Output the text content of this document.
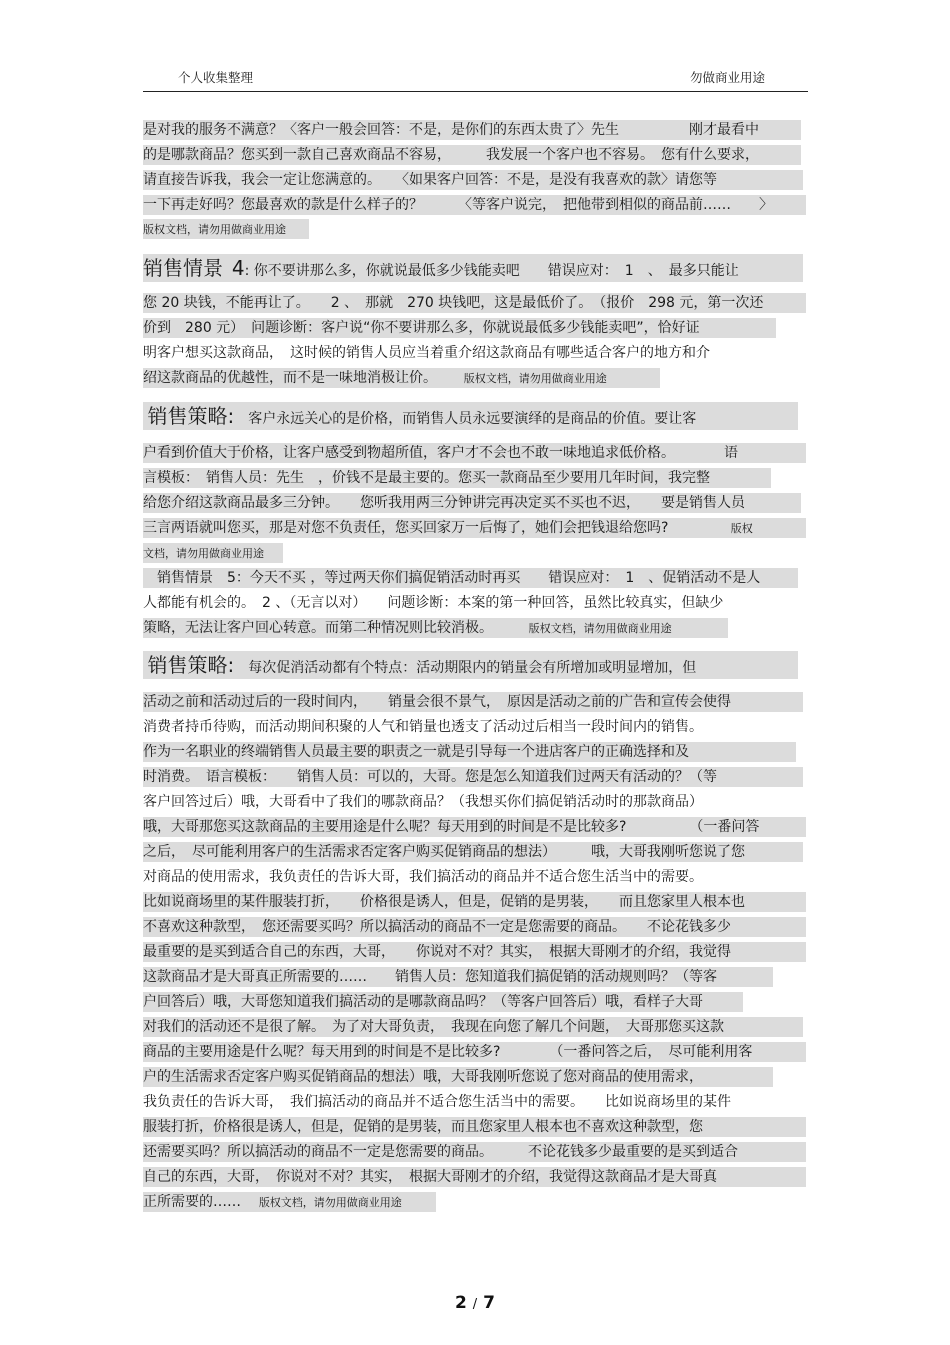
个人收集整理	勿做商业用途
是对我的服务不满意？〈客户一般会回答：不是，是你们的东西太贵了〉先生　　　　　刚才最看中
的是哪款商品？您买到一款自己喜欢商品不容易，　　　我发展一个客户也不容易。　您有什么要求，
请直接告诉我，我会一定让您满意的。　　〈如果客户回答：不是，是没有我喜欢的款〉请您等
一下再走好吗？您最喜欢的款是什么样子的？　　　〈等客户说完，　把他带到相似的商品前……　　〉
版权文档，请勿用做商业用途
销售情景 4: 你不要讲那么多，你就说最低多少钱能卖吧　　错误应对：　1　、　最多只能让
您 20 块钱，不能再让了。　　2 、　那就　270 块钱吧，这是最低价了。　（报价　298 元，第一次还
价到　280 元）　问题诊断：客户说“你不要讲那么多，你就说最低多少钱能卖吧”，恰好证
明客户想买这款商品，　这时候的销售人员应当着重介绍这款商品有哪些适合客户的地方和介
绍这款商品的优越性，而不是一味地消极让价。 版权文档，请勿用做商业用途
销售策略:　客户永远关心的是价格，而销售人员永远要演绎的是商品的价值。要让客
户看到价值大于价格，让客户感受到物超所值，客户才不会也不敢一味地追求低价格。　　　　语
言模板：　销售人员：先生　，价钱不是最主要的。您买一款商品至少要用几年时间，我完整
给您介绍这款商品最多三分钟。　　您听我用两三分钟讲完再决定买不买也不迟，　　要是销售人员
三言两语就叫您买，那是对您不负责任，您买回家万一后悔了，她们会把钱退给您吗?	版权
文档，请勿用做商业用途
　销售情景　5：今天不买 ，等过两天你们搞促销活动时再买　　错误应对：　1　、促销活动不是人
人都能有机会的。　2 、（无言以对）　　问题诊断：本案的第一种回答，虽然比较真实，但缺少
策略，无法让客户回心转意。而第二种情况则比较消极。	版权文档，请勿用做商业用途
销售策略:　每次促消活动都有个特点：活动期限内的销量会有所增加或明显增加，但
活动之前和活动过后的一段时间内，　　销量会很不景气，　原因是活动之前的广告和宣传会使得
消费者持币待购，而活动期间积聚的人气和销量也透支了活动过后相当一段时间内的销售。
作为一名职业的终端销售人员最主要的职责之一就是引导每一个进店客户的正确选择和及
时消费。　语言模板：　　销售人员：可以的，大哥。您是怎么知道我们过两天有活动的？（等
客户回答过后）哦，大哥看中了我们的哪款商品？（我想买你们搞促销活动时的那款商品）
哦，大哥那您买这款商品的主要用途是什么呢？每天用到的时间是不是比较多?　　　　　（一番问答
之后，　尽可能利用客户的生活需求否定客户购买促销商品的想法）　　　哦，大哥我刚听您说了您
对商品的使用需求，我负责任的告诉大哥，我们搞活动的商品并不适合您生活当中的需要。
比如说商场里的某件服装打折，　　价格很是诱人，但是，促销的是男装，　　而且您家里人根本也
不喜欢这种款型，　您还需要买吗？所以搞活动的商品不一定是您需要的商品。　　不论花钱多少
最重要的是买到适合自己的东西，大哥，　　你说对不对？其实，　根据大哥刚才的介绍，我觉得
这款商品才是大哥真正所需要的……　　销售人员：您知道我们搞促销的活动规则吗？（等客
户回答后）哦，大哥您知道我们搞活动的是哪款商品吗？（等客户回答后）哦，看样子大哥
对我们的活动还不是很了解。　为了对大哥负责，　我现在向您了解几个问题，　大哥那您买这款
商品的主要用途是什么呢？每天用到的时间是不是比较多?　　　　（一番问答之后，　尽可能利用客
户的生活需求否定客户购买促销商品的想法）哦，大哥我刚听您说了您对商品的使用需求，
我负责任的告诉大哥，　我们搞活动的商品并不适合您生活当中的需要。　　比如说商场里的某件
服装打折，价格很是诱人，但是，促销的是男装，而且您家里人根本也不喜欢这种款型，您
还需要买吗？所以搞活动的商品不一定是您需要的商品。　　　不论花钱多少最重要的是买到适合
自己的东西，大哥，　你说对不对？其实，　根据大哥刚才的介绍，我觉得这款商品才是大哥真
正所需要的…… 版权文档，请勿用做商业用途
2 / 7
